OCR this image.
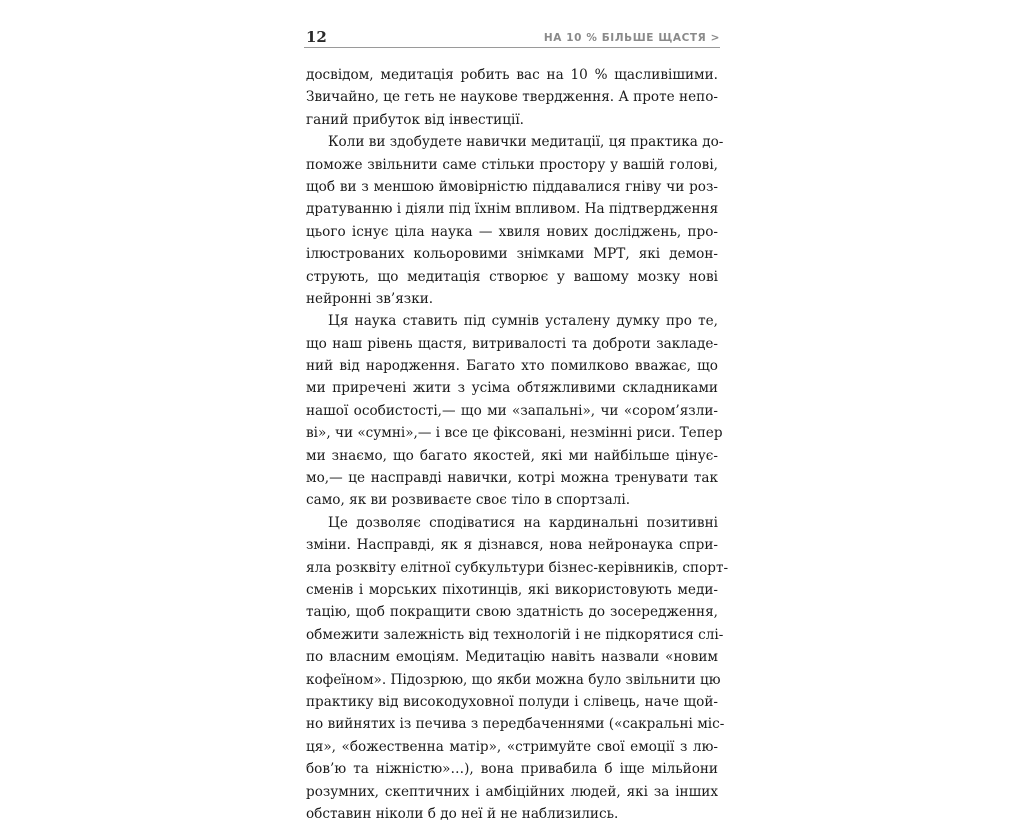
12	НА 10 % БІЛЬШЕ ЩАСТЯ >
досвідом, медитація робить вас на 10 % щасливішими.
Звичайно, це геть не наукове твердження. А проте непо-
ганий прибуток від інвестиції.
Коли ви здобудете навички медитації, ця практика до-
поможе звільнити саме стільки простору у вашій голові,
щоб ви з меншою ймовірністю піддавалися гніву чи роз-
дратуванню і діяли під їхнім впливом. На підтвердження
цього існує ціла наука — хвиля нових досліджень, про-
ілюстрованих кольоровими знімками МРТ, які демон-
струють, що медитація створює у вашому мозку нові
нейронні зв’язки.
Ця наука ставить під сумнів усталену думку про те,
що наш рівень щастя, витривалості та доброти закладе-
ний від народження. Багато хто помилково вважає, що
ми приречені жити з усіма обтяжливими складниками
нашої особистості,— що ми «запальні», чи «сором’язли-
ві», чи «сумні»,— і все це фіксовані, незмінні риси. Тепер
ми знаємо, що багато якостей, які ми найбільше цінує-
мо,— це насправді навички, котрі можна тренувати так
само, як ви розвиваєте своє тіло в спортзалі.
Це дозволяє сподіватися на кардинальні позитивні
зміни. Насправді, як я дізнався, нова нейронаука спри-
яла розквіту елітної субкультури бізнес-керівників, спорт-
сменів і морських піхотинців, які використовують меди-
тацію, щоб покращити свою здатність до зосередження,
обмежити залежність від технологій і не підкорятися слі-
по власним емоціям. Медитацію навіть назвали «новим
кофеїном». Підозрюю, що якби можна було звільнити цю
практику від високодуховної полуди і слівець, наче щой-
но вийнятих із печива з передбаченнями («сакральні міс-
ця», «божественна матір», «стримуйте свої емоції з лю-
бов’ю та ніжністю»…), вона привабила б іще мільйони
розумних, скептичних і амбіційних людей, які за інших
обставин ніколи б до неї й не наблизились.
